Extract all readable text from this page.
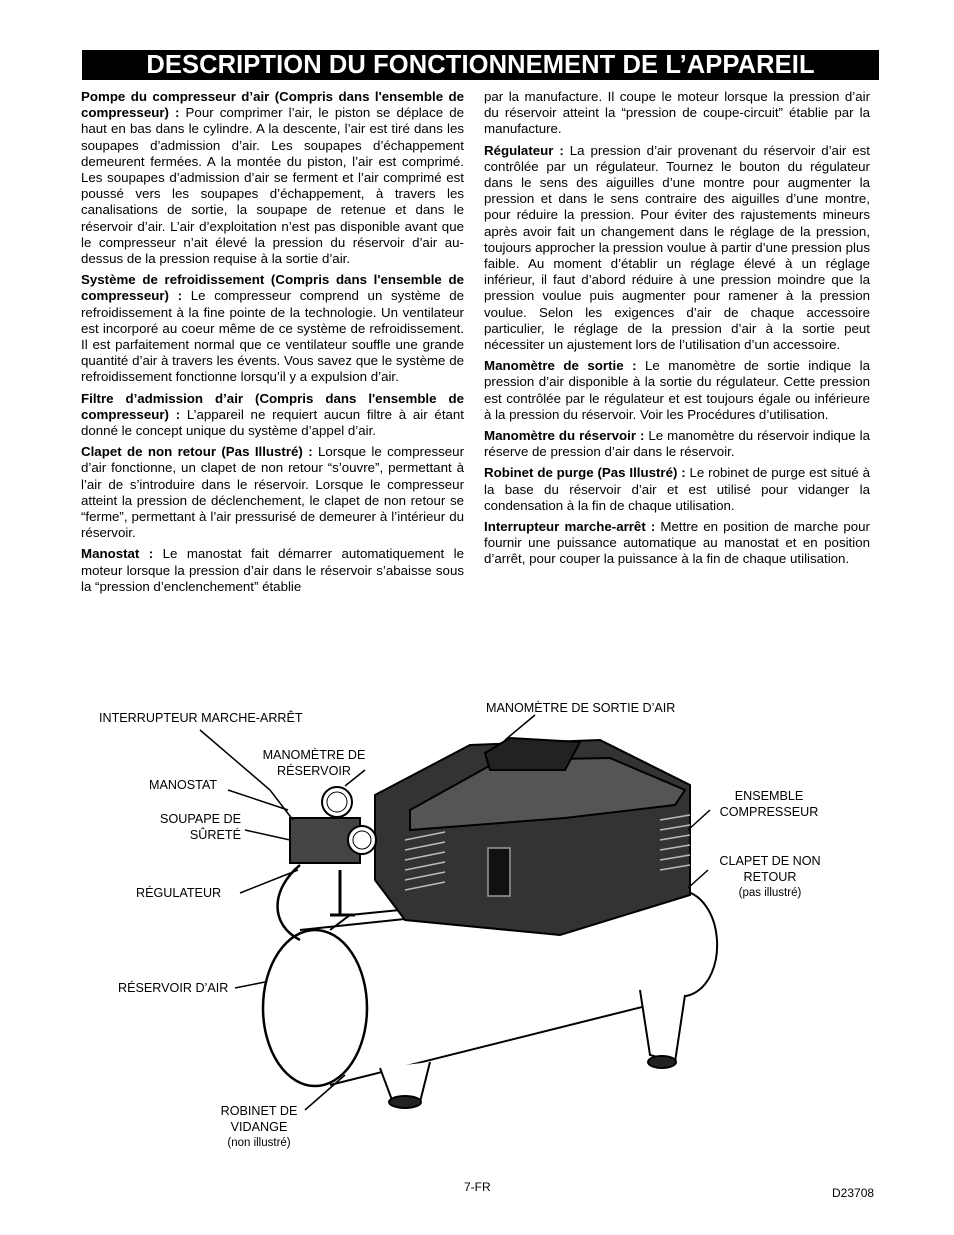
DESCRIPTION DU FONCTIONNEMENT DE L’APPAREIL

Pompe du compresseur d’air (Compris dans l'ensemble de compresseur) : Pour comprimer l’air, le piston se déplace de haut en bas dans le cylindre. A la descente, l’air est tiré dans les soupapes d’admission d’air. Les soupapes d’échappement demeurent fermées. A la montée du piston, l’air est comprimé. Les soupapes d’admission d’air se ferment et l’air comprimé est poussé vers les soupapes d’échappement, à travers les canalisations de sortie, la soupape de retenue et dans le réservoir d’air. L’air d’exploitation n’est pas disponible avant que le compresseur n’ait élevé la pression du réservoir d’air au-dessus de la pression requise à la sortie d’air.

Système de refroidissement (Compris dans l'ensemble de compresseur) : Le compresseur comprend un système de refroidissement à la fine pointe de la technologie. Un ventilateur est incorporé au coeur même de ce système de refroidissement. Il est parfaitement normal que ce ventilateur souffle une grande quantité d’air à travers les évents. Vous savez que le système de refroidissement fonctionne lorsqu’il y a expulsion d’air.

Filtre d’admission d’air (Compris dans l'ensemble de compresseur) : L’appareil ne requiert aucun filtre à air étant donné le concept unique du système d’appel d’air.

Clapet de non retour (Pas Illustré) : Lorsque le compresseur d’air fonctionne, un clapet de non retour “s’ouvre”, permettant à l’air de s’introduire dans le réservoir. Lorsque le compresseur atteint la pression de déclenchement, le clapet de non retour se “ferme”, permettant à l’air pressurisé de demeurer à l’intérieur du réservoir.

Manostat : Le manostat fait démarrer automatiquement le moteur lorsque la pression d’air dans le réservoir s’abaisse sous la “pression d’enclenchement” établie

par la manufacture. Il coupe le moteur lorsque la pression d’air du réservoir atteint la “pression de coupe-circuit” établie par la manufacture.

Régulateur : La pression d’air provenant du réservoir d’air est contrôlée par un régulateur. Tournez le bouton du régulateur dans le sens des aiguilles d’une montre pour augmenter la pression et dans le sens contraire des aiguilles d’une montre, pour réduire la pression. Pour éviter des rajustements mineurs après avoir fait un changement dans le réglage de la pression, toujours approcher la pression voulue à partir d’une pression plus faible. Au moment d’établir un réglage élevé à un réglage inférieur, il faut d’abord réduire à une pression moindre que la pression voulue puis augmenter pour ramener à la pression voulue. Selon les exigences d’air de chaque accessoire particulier, le réglage de la pression d’air à la sortie peut nécessiter un ajustement lors de l’utilisation d’un accessoire.

Manomètre de sortie : Le manomètre de sortie indique la pression d’air disponible à la sortie du régulateur. Cette pression est contrôlée par le régulateur et est toujours égale ou inférieure à la pression du réservoir. Voir les Procédures d’utilisation.

Manomètre du réservoir : Le manomètre du réservoir indique la réserve de pression d’air dans le réservoir.

Robinet de purge (Pas Illustré) : Le robinet de purge est situé à la base du réservoir d’air et est utilisé pour vidanger la condensation à la fin de chaque utilisation.

Interrupteur marche-arrêt : Mettre en position de marche pour fournir une puissance automatique au manostat et en position d’arrêt, pour couper la puissance à la fin de chaque utilisation.

INTERRUPTEUR MARCHE-ARRÊT
MANOMÈTRE DE SORTIE D’AIR
MANOMÈTRE DE
RÉSERVOIR
MANOSTAT
SOUPAPE DE
SÛRETÉ
RÉGULATEUR
RÉSERVOIR D’AIR
ENSEMBLE
COMPRESSEUR
CLAPET DE NON
RETOUR
(pas illustré)
ROBINET DE
VIDANGE
(non illustré)
7-FR	D23708
